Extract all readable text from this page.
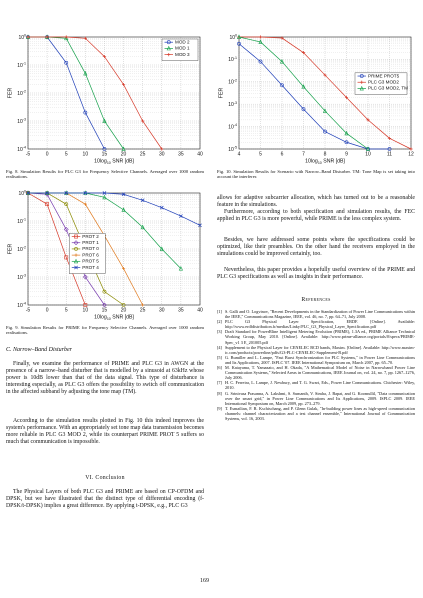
-5	0	5	10	15	20	25	30	35	40
$10^0$
$10^{-1}$
$10^{-2}$
$10^{-3}$
$10^{-4}$
$10\log_{10}$ SNR [dB]
FER
MOD 2
MOD 1
MOD 3
4	5	6	7	8	9	10	11	12
$10^0$
$10^{-1}$
$10^{-2}$
$10^{-3}$
$10^{-4}$
$10^{-5}$
$10\log_{10}$ SNR [dB]
FER
PRIME PROT5
PLC G3 MOD2
PLC G3 MOD2, TM
-5	0	5	10	15	20	25	30	35	40
$10^0$
$10^{-1}$
$10^{-2}$
$10^{-3}$
$10^{-4}$
$10\log_{10}$ SNR [dB]
FER
PROT 2
PROT 1
PROT 0
PROT 6
PROT 5
PROT 4

Fig. 8. Simulation Results for PLC G3 for Frequency Selective Channels. Averaged over 1000 random realisations.

Fig. 10. Simulation Results for Scenario with Narrow–Band Disturber. TM: Tone Map is set taking into account the interferer.

Fig. 9. Simulation Results for PRIME for Frequency Selective Channels. Averaged over 1000 random realisations.

C. Narrow–Band Disturber

Finally, we examine the performance of PRIME and PLC G3 in AWGN at the presence of a narrow–band disturber that is modelled by a sinusoid at 63kHz whose power is 10dB lower than that of the data signal. This type of disturbance is interesting especially, as PLC G3 offers the possibility to switch off communication in the affected subband by adjusting the tone map (TM).

According to the simulation results plotted in Fig. 10 this indeed improves the system's performance. With an appropriately set tone map data transmission becomes more reliable in PLC G3 MOD 2, while its counterpart PRIME PROT 5 suffers so much that communication is impossible.

VI. Conclusion

The Physical Layers of both PLC G3 and PRIME are based on CP-OFDM and DPSK, but we have illustrated that the distinct type of differential encoding (f-DPSK/t-DPSK) implies a great difference. By applying t-DPSK, e.g., PLC G3

allows for adaptive subcarrier allocation, which has turned out to be a reasonable feature in the simulations.

Furthermore, according to both specification and simulation results, the FEC applied in PLC G3 is more powerful, while PRIME is the less complex system.

Besides, we have addressed some points where the specifications could be optimized, like their preambles. On the other hand the receivers employed in the simulations could be improved certainly, too.

Nevertheless, this paper provides a hopefully useful overview of the PRIME and PLC G3 specifications as well as insights in their performance.

References

[1] S. Galli and O. Logvinov, "Recent Developments in the Standardization of Power Line Communications within the IEEE," Communications Magazine, IEEE, vol. 46, no. 7, pp. 64–71, July 2008.
[2] PLC G3 Physical Layer Specification, ERDF. [Online]. Available: http://www.erdfdistribution.fr/medias/Linky/PLC_G3_Physical_Layer_Specification.pdf
[3] Draft Standard for PowerRline Intelligent Metering Evolution (PRIME), 1.3A ed., PRIME Alliance Technical Working Group, May 2010. [Online]. Available: http://www.prime-alliance.org/portals/0/specs/PRIME-Spec_v1 3 E_201005.pdf
[4] Supplement to the Physical Layer for CENELEC BCD bands, Maxim. [Online]. Available: http://www.maxim-ic.com/products/powerline/pdfs/G3-PLC-CENELEC-Supplement-B.pdf
[5] G. Bumiller and L. Lampe, "Fast Burst Synchronization for PLC Systems," in Power Line Communications and Its Applications, 2007. ISPLC '07. IEEE International Symposium on, March 2007, pp. 65–70.
[6] M. Katayama, T. Yamazato, and H. Okada, "A Mathematical Model of Noise in Narrowband Power Line Communication Systems," Selected Areas in Communications, IEEE Journal on, vol. 24, no. 7, pp. 1267–1276, July 2006.
[7] H. C. Ferreira, L. Lampe, J. Newbury, and T. G. Swart, Eds., Power Line Communications. Chichester: Wiley, 2010.
[8] G. Srinivasa Prasanna, A. Lakshmi, S. Sumanth, V. Simha, J. Bapat, and G. Koomullil, "Data communication over the smart grid," in Power Line Communications and Its Applications, 2009. ISPLC 2009. IEEE International Symposium on, March 2009, pp. 273–279.
[9] T. Esmailian, F. R. Kschischang, and P. Glenn Gulak, "In-building power lines as high-speed communication channels: channel characterization and a test channel ensemble," International Journal of Communication Systems, vol. 16, 2003.
169
